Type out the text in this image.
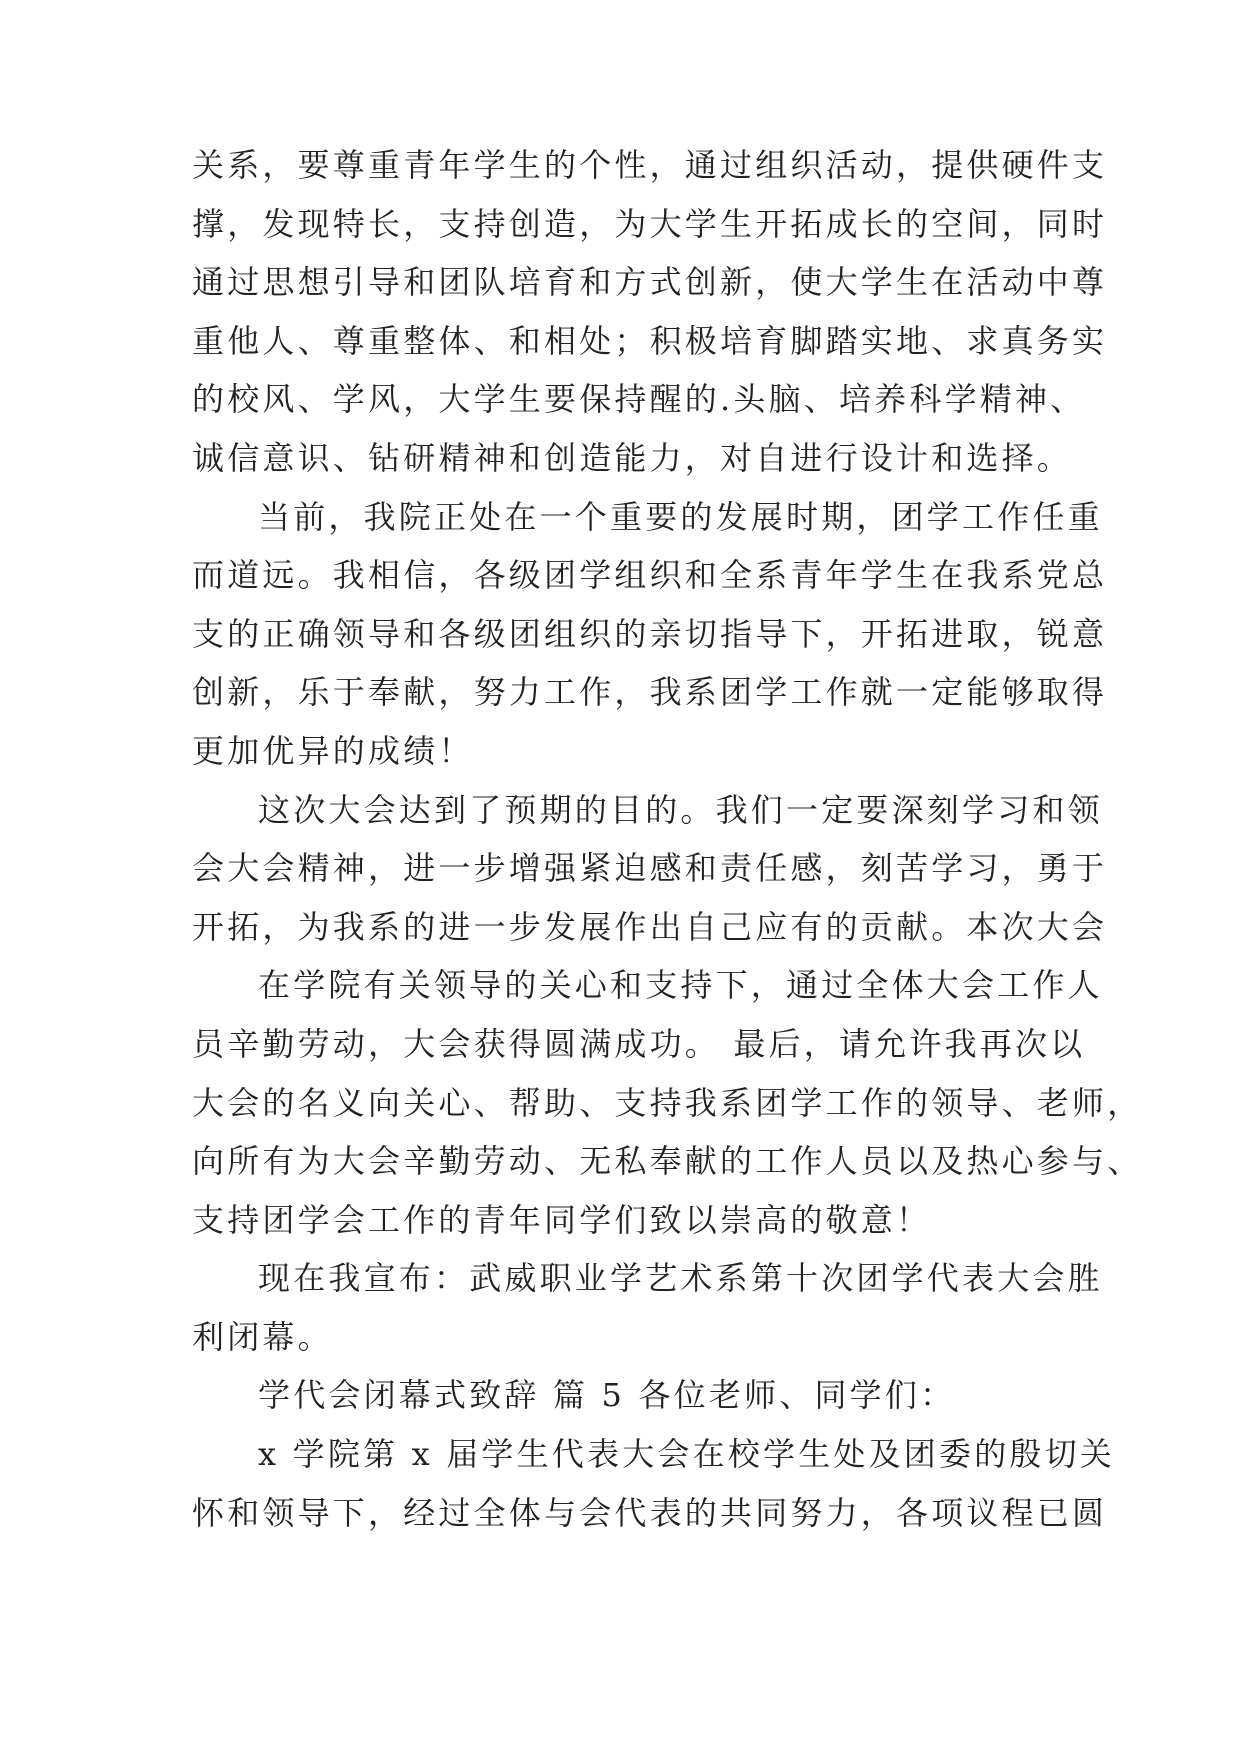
关系，要尊重青年学生的个性，通过组织活动，提供硬件支
撑，发现特长，支持创造，为大学生开拓成长的空间，同时
通过思想引导和团队培育和方式创新，使大学生在活动中尊
重他人、尊重整体、和相处；积极培育脚踏实地、求真务实
的校风、学风，大学生要保持醒的.头脑、培养科学精神、
诚信意识、钻研精神和创造能力，对自进行设计和选择。
当前，我院正处在一个重要的发展时期，团学工作任重
而道远。我相信，各级团学组织和全系青年学生在我系党总
支的正确领导和各级团组织的亲切指导下，开拓进取，锐意
创新，乐于奉献，努力工作，我系团学工作就一定能够取得
更加优异的成绩！
这次大会达到了预期的目的。我们一定要深刻学习和领
会大会精神，进一步增强紧迫感和责任感，刻苦学习，勇于
开拓，为我系的进一步发展作出自己应有的贡献。本次大会
在学院有关领导的关心和支持下，通过全体大会工作人
员辛勤劳动，大会获得圆满成功。 最后，请允许我再次以
大会的名义向关心、帮助、支持我系团学工作的领导、老师，
向所有为大会辛勤劳动、无私奉献的工作人员以及热心参与、
支持团学会工作的青年同学们致以崇高的敬意！
现在我宣布：武威职业学艺术系第十次团学代表大会胜
利闭幕。
学代会闭幕式致辞 篇 5 各位老师、同学们：
x 学院第 x 届学生代表大会在校学生处及团委的殷切关
怀和领导下，经过全体与会代表的共同努力，各项议程已圆
